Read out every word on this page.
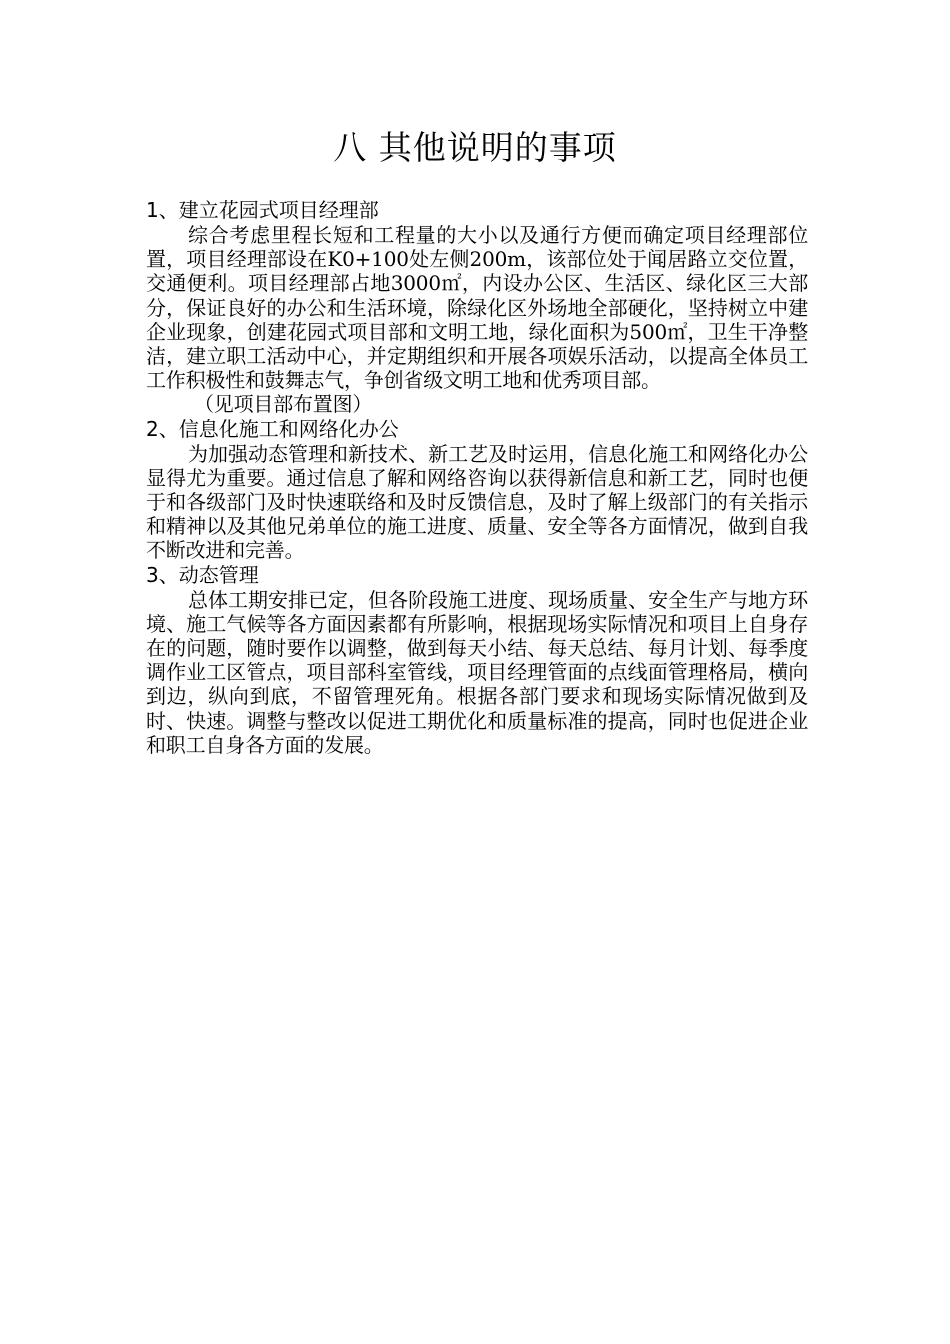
八 其他说明的事项
1、建立花园式项目经理部

综合考虑里程长短和工程量的大小以及通行方便而确定项目经理部位置，项目经理部设在K0+100处左侧200m，该部位处于闻居路立交位置，交通便利。项目经理部占地3000㎡，内设办公区、生活区、绿化区三大部分，保证良好的办公和生活环境，除绿化区外场地全部硬化，坚持树立中建企业现象，创建花园式项目部和文明工地，绿化面积为500㎡，卫生干净整洁，建立职工活动中心，并定期组织和开展各项娱乐活动，以提高全体员工工作积极性和鼓舞志气，争创省级文明工地和优秀项目部。

（见项目部布置图）

2、信息化施工和网络化办公

为加强动态管理和新技术、新工艺及时运用，信息化施工和网络化办公显得尤为重要。通过信息了解和网络咨询以获得新信息和新工艺，同时也便于和各级部门及时快速联络和及时反馈信息，及时了解上级部门的有关指示和精神以及其他兄弟单位的施工进度、质量、安全等各方面情况，做到自我不断改进和完善。

3、动态管理

总体工期安排已定，但各阶段施工进度、现场质量、安全生产与地方环境、施工气候等各方面因素都有所影响，根据现场实际情况和项目上自身存在的问题，随时要作以调整，做到每天小结、每天总结、每月计划、每季度调作业工区管点，项目部科室管线，项目经理管面的点线面管理格局，横向到边，纵向到底，不留管理死角。根据各部门要求和现场实际情况做到及时、快速。调整与整改以促进工期优化和质量标准的提高，同时也促进企业和职工自身各方面的发展。
